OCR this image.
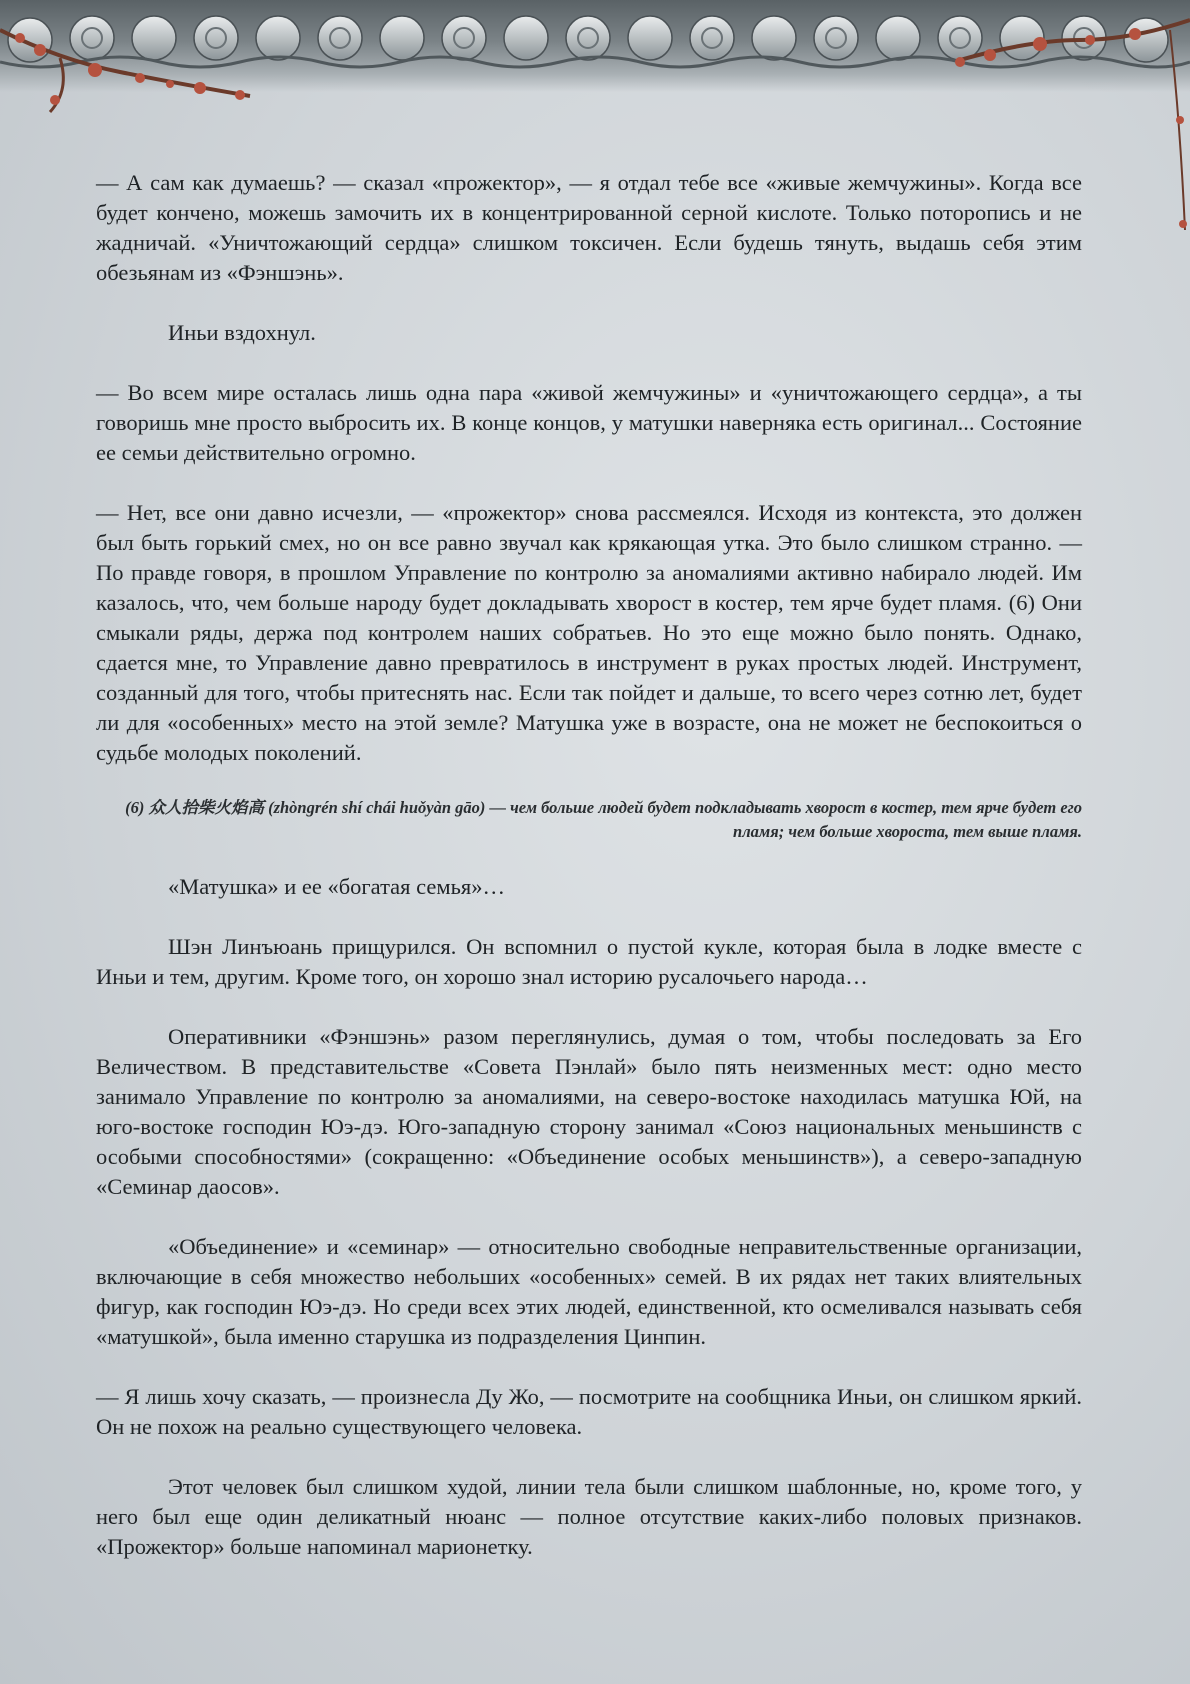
— А сам как думаешь? — сказал «прожектор», — я отдал тебе все «живые жемчужины». Когда все будет кончено, можешь замочить их в концентрированной серной кислоте. Только поторопись и не жадничай. «Уничтожающий сердца» слишком токсичен. Если будешь тянуть, выдашь себя этим обезьянам из «Фэншэнь».

Иньи вздохнул.

— Во всем мире осталась лишь одна пара «живой жемчужины» и «уничтожающего сердца», а ты говоришь мне просто выбросить их. В конце концов, у матушки наверняка есть оригинал... Состояние ее семьи действительно огромно.

— Нет, все они давно исчезли, — «прожектор» снова рассмеялся. Исходя из контекста, это должен был быть горький смех, но он все равно звучал как крякающая утка. Это было слишком странно. — По правде говоря, в прошлом Управление по контролю за аномалиями активно набирало людей. Им казалось, что, чем больше народу будет докладывать хворост в костер, тем ярче будет пламя. (6) Они смыкали ряды, держа под контролем наших собратьев. Но это еще можно было понять. Однако, сдается мне, то Управление давно превратилось в инструмент в руках простых людей. Инструмент, созданный для того, чтобы притеснять нас. Если так пойдет и дальше, то всего через сотню лет, будет ли для «особенных» место на этой земле? Матушка уже в возрасте, она не может не беспокоиться о судьбе молодых поколений.

(6) 众人拾柴火焰高 (zhòngrén shí chái huǒyàn gāo) — чем больше людей будет подкладывать хворост в костер, тем ярче будет его пламя; чем больше хвороста, тем выше пламя.

«Матушка» и ее «богатая семья»…

Шэн Линъюань прищурился. Он вспомнил о пустой кукле, которая была в лодке вместе с Иньи и тем, другим. Кроме того, он хорошо знал историю русалочьего народа…

Оперативники «Фэншэнь» разом переглянулись, думая о том, чтобы последовать за Его Величеством. В представительстве «Совета Пэнлай» было пять неизменных мест: одно место занимало Управление по контролю за аномалиями, на северо-востоке находилась матушка Юй, на юго-востоке господин Юэ-дэ. Юго-западную сторону занимал «Союз национальных меньшинств с особыми способностями» (сокращенно: «Объединение особых меньшинств»), а северо-западную «Семинар даосов».

«Объединение» и «семинар» — относительно свободные неправительственные организации, включающие в себя множество небольших «особенных» семей. В их рядах нет таких влиятельных фигур, как господин Юэ-дэ. Но среди всех этих людей, единственной, кто осмеливался называть себя «матушкой», была именно старушка из подразделения Цинпин.

— Я лишь хочу сказать, — произнесла Ду Жо, — посмотрите на сообщника Иньи, он слишком яркий. Он не похож на реально существующего человека.

Этот человек был слишком худой, линии тела были слишком шаблонные, но, кроме того, у него был еще один деликатный нюанс — полное отсутствие каких-либо половых признаков. «Прожектор» больше напоминал марионетку.
